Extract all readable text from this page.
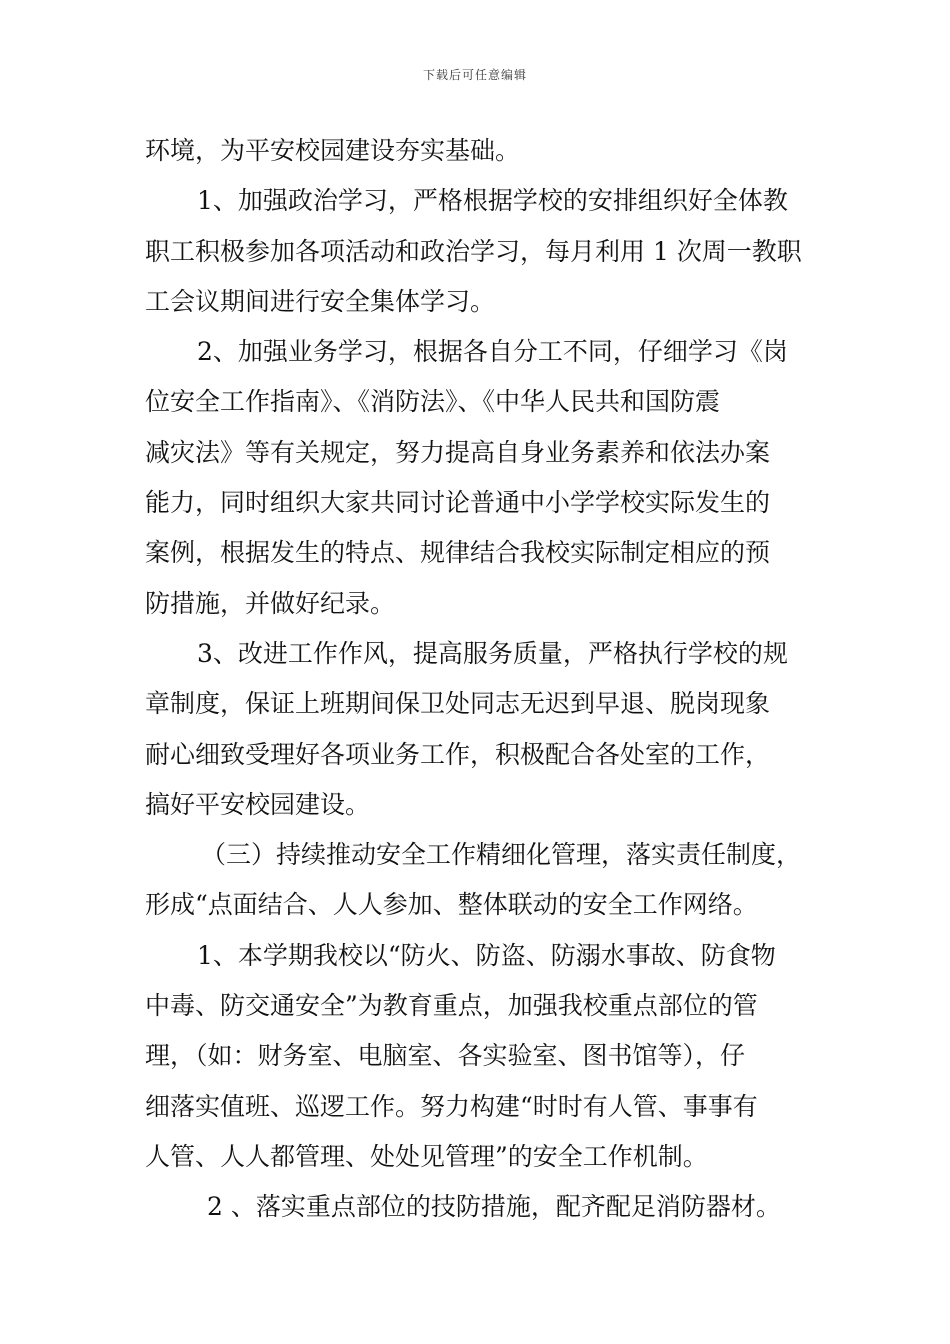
下载后可任意编辑
环境，为平安校园建设夯实基础。
1、加强政治学习，严格根据学校的安排组织好全体教
职工积极参加各项活动和政治学习，每月利用 1 次周一教职
工会议期间进行安全集体学习。
2、加强业务学习，根据各自分工不同，仔细学习《岗
位安全工作指南》、《消防法》、《中华人民共和国防震
减灾法》等有关规定，努力提高自身业务素养和依法办案
能力，同时组织大家共同讨论普通中小学学校实际发生的
案例，根据发生的特点、规律结合我校实际制定相应的预
防措施，并做好纪录。
3、改进工作作风，提高服务质量，严格执行学校的规
章制度，保证上班期间保卫处同志无迟到早退、脱岗现象
耐心细致受理好各项业务工作，积极配合各处室的工作，
搞好平安校园建设。
（三）持续推动安全工作精细化管理，落实责任制度，
形成“点面结合、人人参加、整体联动的安全工作网络。
1、本学期我校以“防火、防盗、防溺水事故、防食物
中毒、防交通安全”为教育重点，加强我校重点部位的管
理，（如：财务室、电脑室、各实验室、图书馆等），仔
细落实值班、巡逻工作。努力构建“时时有人管、事事有
人管、人人都管理、处处见管理”的安全工作机制。
2 、落实重点部位的技防措施，配齐配足消防器材。
